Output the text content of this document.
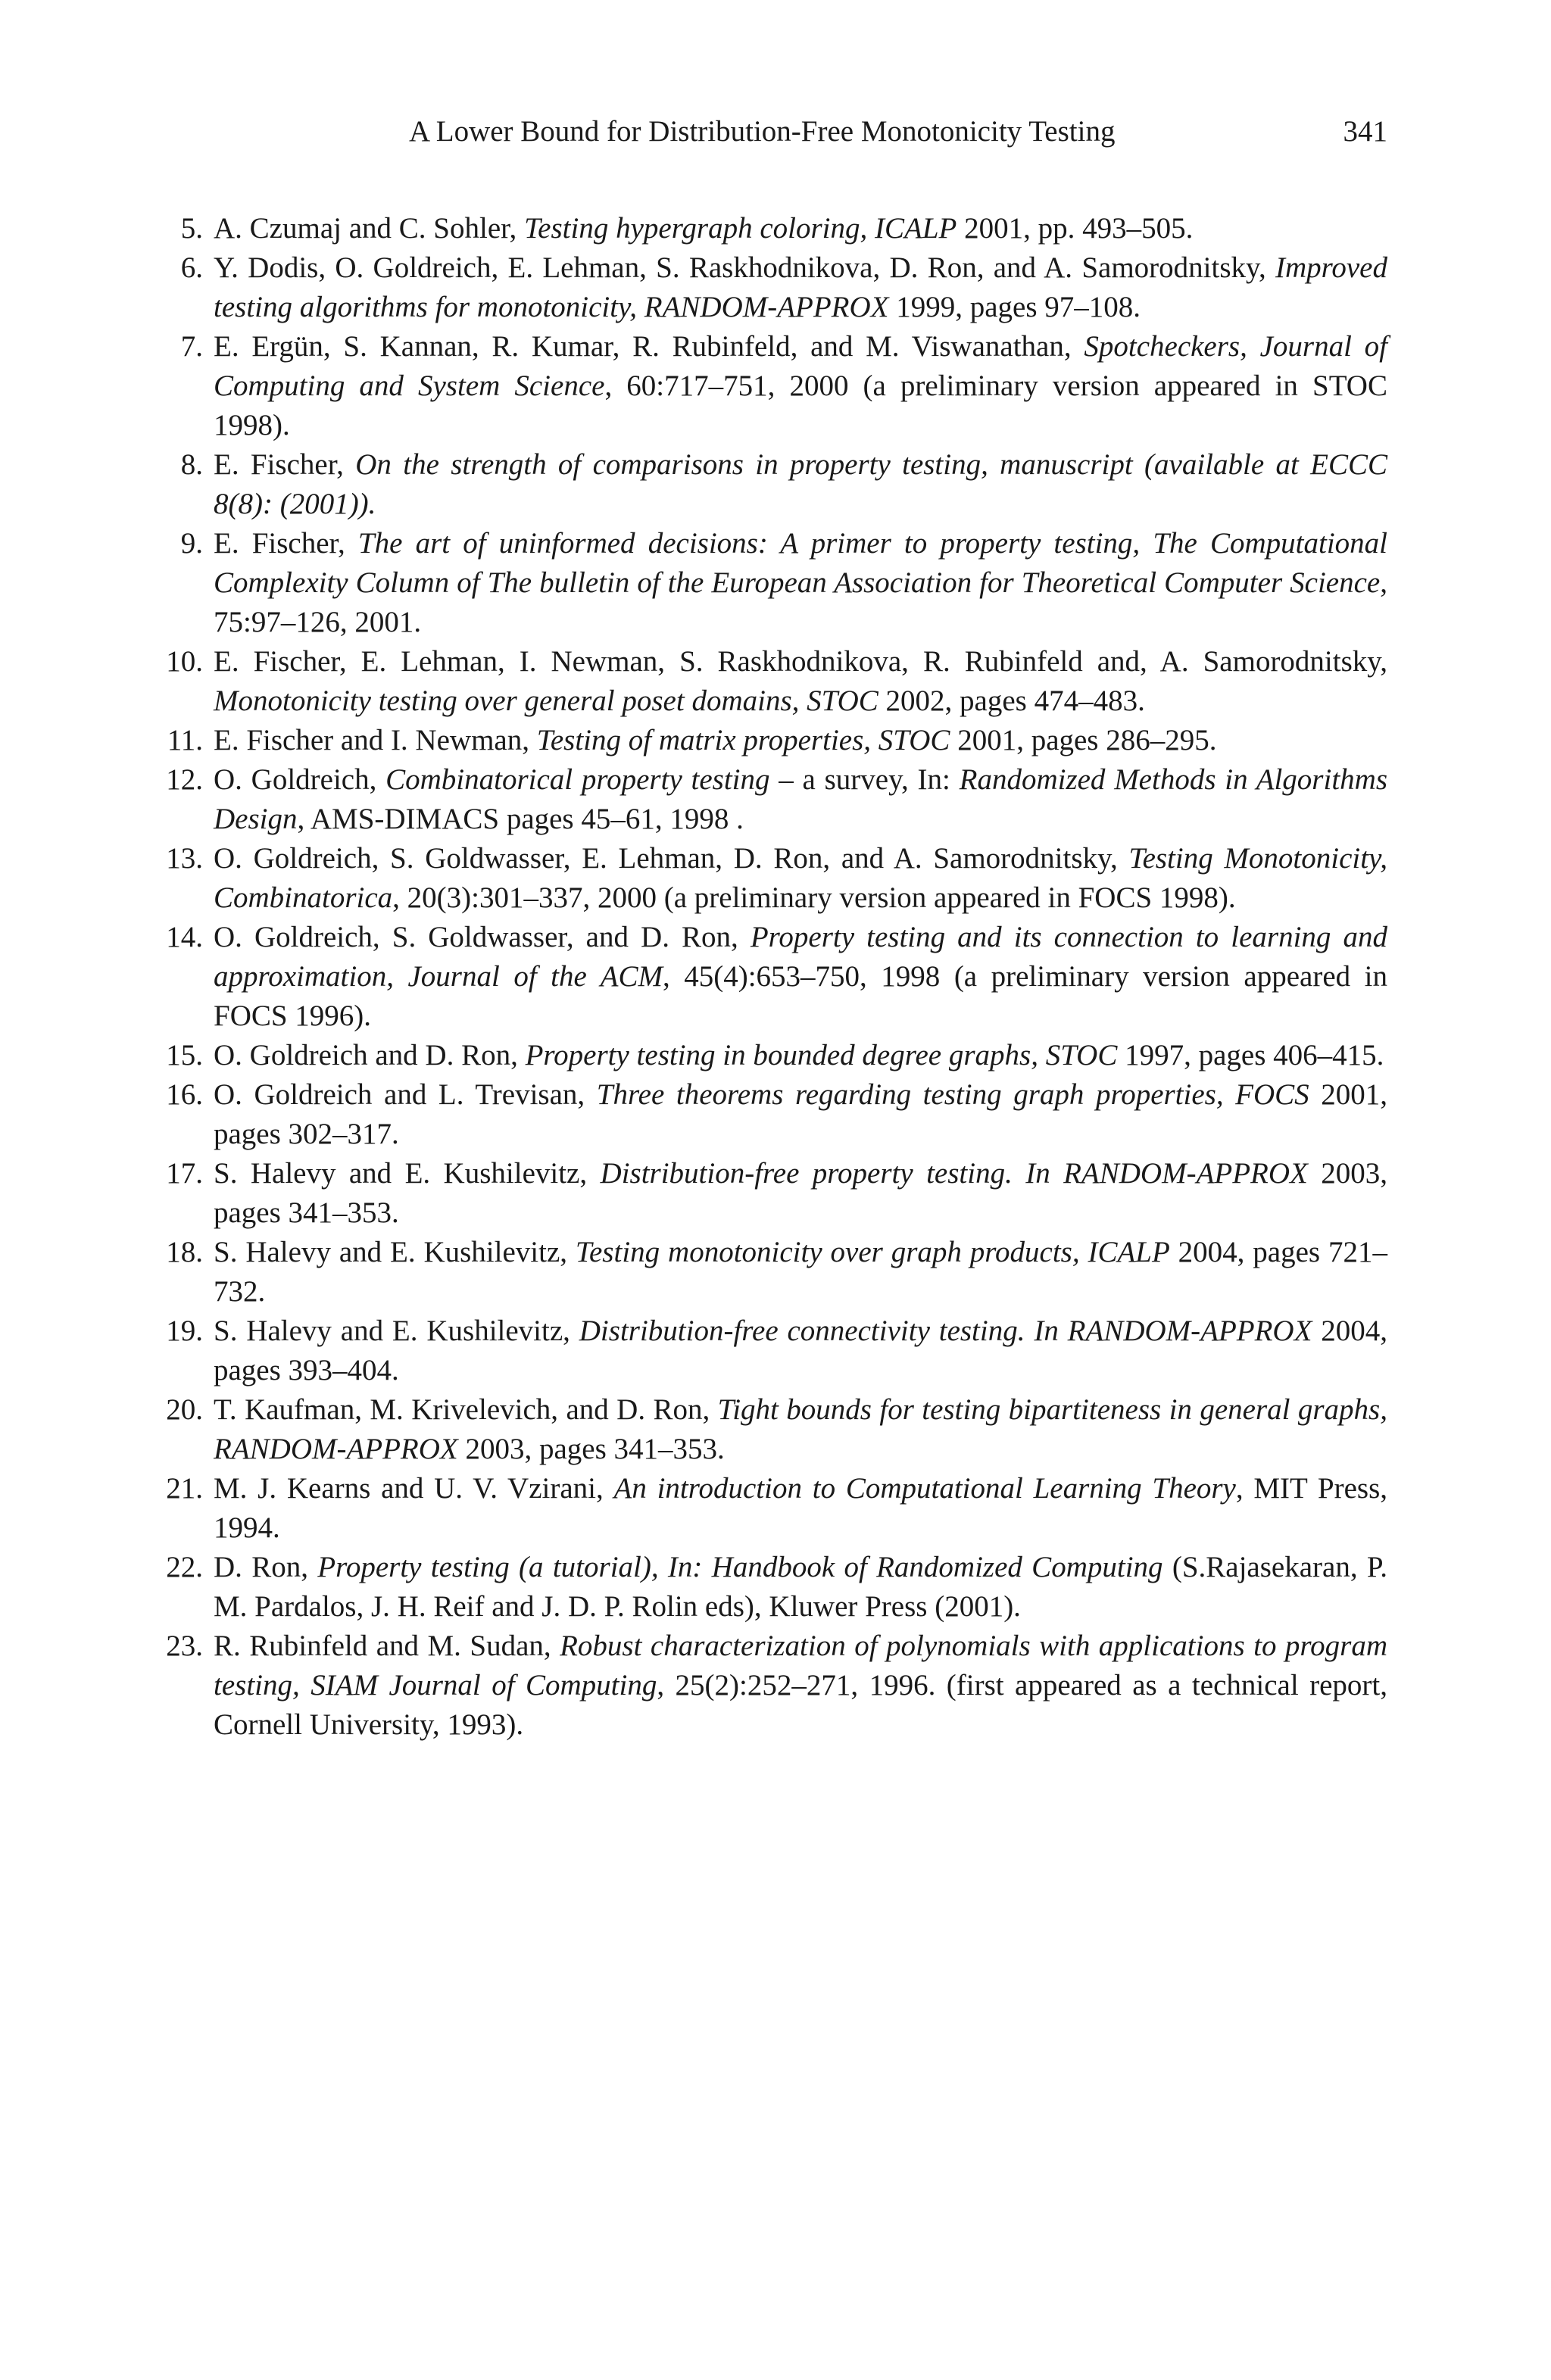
A Lower Bound for Distribution-Free Monotonicity Testing	341
5. A. Czumaj and C. Sohler, Testing hypergraph coloring, ICALP 2001, pp. 493–505.
6. Y. Dodis, O. Goldreich, E. Lehman, S. Raskhodnikova, D. Ron, and A. Samorodnitsky, Improved testing algorithms for monotonicity, RANDOM-APPROX 1999, pages 97–108.
7. E. Ergün, S. Kannan, R. Kumar, R. Rubinfeld, and M. Viswanathan, Spotcheckers, Journal of Computing and System Science, 60:717–751, 2000 (a preliminary version appeared in STOC 1998).
8. E. Fischer, On the strength of comparisons in property testing, manuscript (available at ECCC 8(8): (2001)).
9. E. Fischer, The art of uninformed decisions: A primer to property testing, The Computational Complexity Column of The bulletin of the European Association for Theoretical Computer Science, 75:97–126, 2001.
10. E. Fischer, E. Lehman, I. Newman, S. Raskhodnikova, R. Rubinfeld and, A. Samorodnitsky, Monotonicity testing over general poset domains, STOC 2002, pages 474–483.
11. E. Fischer and I. Newman, Testing of matrix properties, STOC 2001, pages 286–295.
12. O. Goldreich, Combinatorical property testing – a survey, In: Randomized Methods in Algorithms Design, AMS-DIMACS pages 45–61, 1998 .
13. O. Goldreich, S. Goldwasser, E. Lehman, D. Ron, and A. Samorodnitsky, Testing Monotonicity, Combinatorica, 20(3):301–337, 2000 (a preliminary version appeared in FOCS 1998).
14. O. Goldreich, S. Goldwasser, and D. Ron, Property testing and its connection to learning and approximation, Journal of the ACM, 45(4):653–750, 1998 (a preliminary version appeared in FOCS 1996).
15. O. Goldreich and D. Ron, Property testing in bounded degree graphs, STOC 1997, pages 406–415.
16. O. Goldreich and L. Trevisan, Three theorems regarding testing graph properties, FOCS 2001, pages 302–317.
17. S. Halevy and E. Kushilevitz, Distribution-free property testing. In RANDOM-APPROX 2003, pages 341–353.
18. S. Halevy and E. Kushilevitz, Testing monotonicity over graph products, ICALP 2004, pages 721–732.
19. S. Halevy and E. Kushilevitz, Distribution-free connectivity testing. In RANDOM-APPROX 2004, pages 393–404.
20. T. Kaufman, M. Krivelevich, and D. Ron, Tight bounds for testing bipartiteness in general graphs, RANDOM-APPROX 2003, pages 341–353.
21. M. J. Kearns and U. V. Vzirani, An introduction to Computational Learning Theory, MIT Press, 1994.
22. D. Ron, Property testing (a tutorial), In: Handbook of Randomized Computing (S.Rajasekaran, P. M. Pardalos, J. H. Reif and J. D. P. Rolin eds), Kluwer Press (2001).
23. R. Rubinfeld and M. Sudan, Robust characterization of polynomials with applications to program testing, SIAM Journal of Computing, 25(2):252–271, 1996. (first appeared as a technical report, Cornell University, 1993).
